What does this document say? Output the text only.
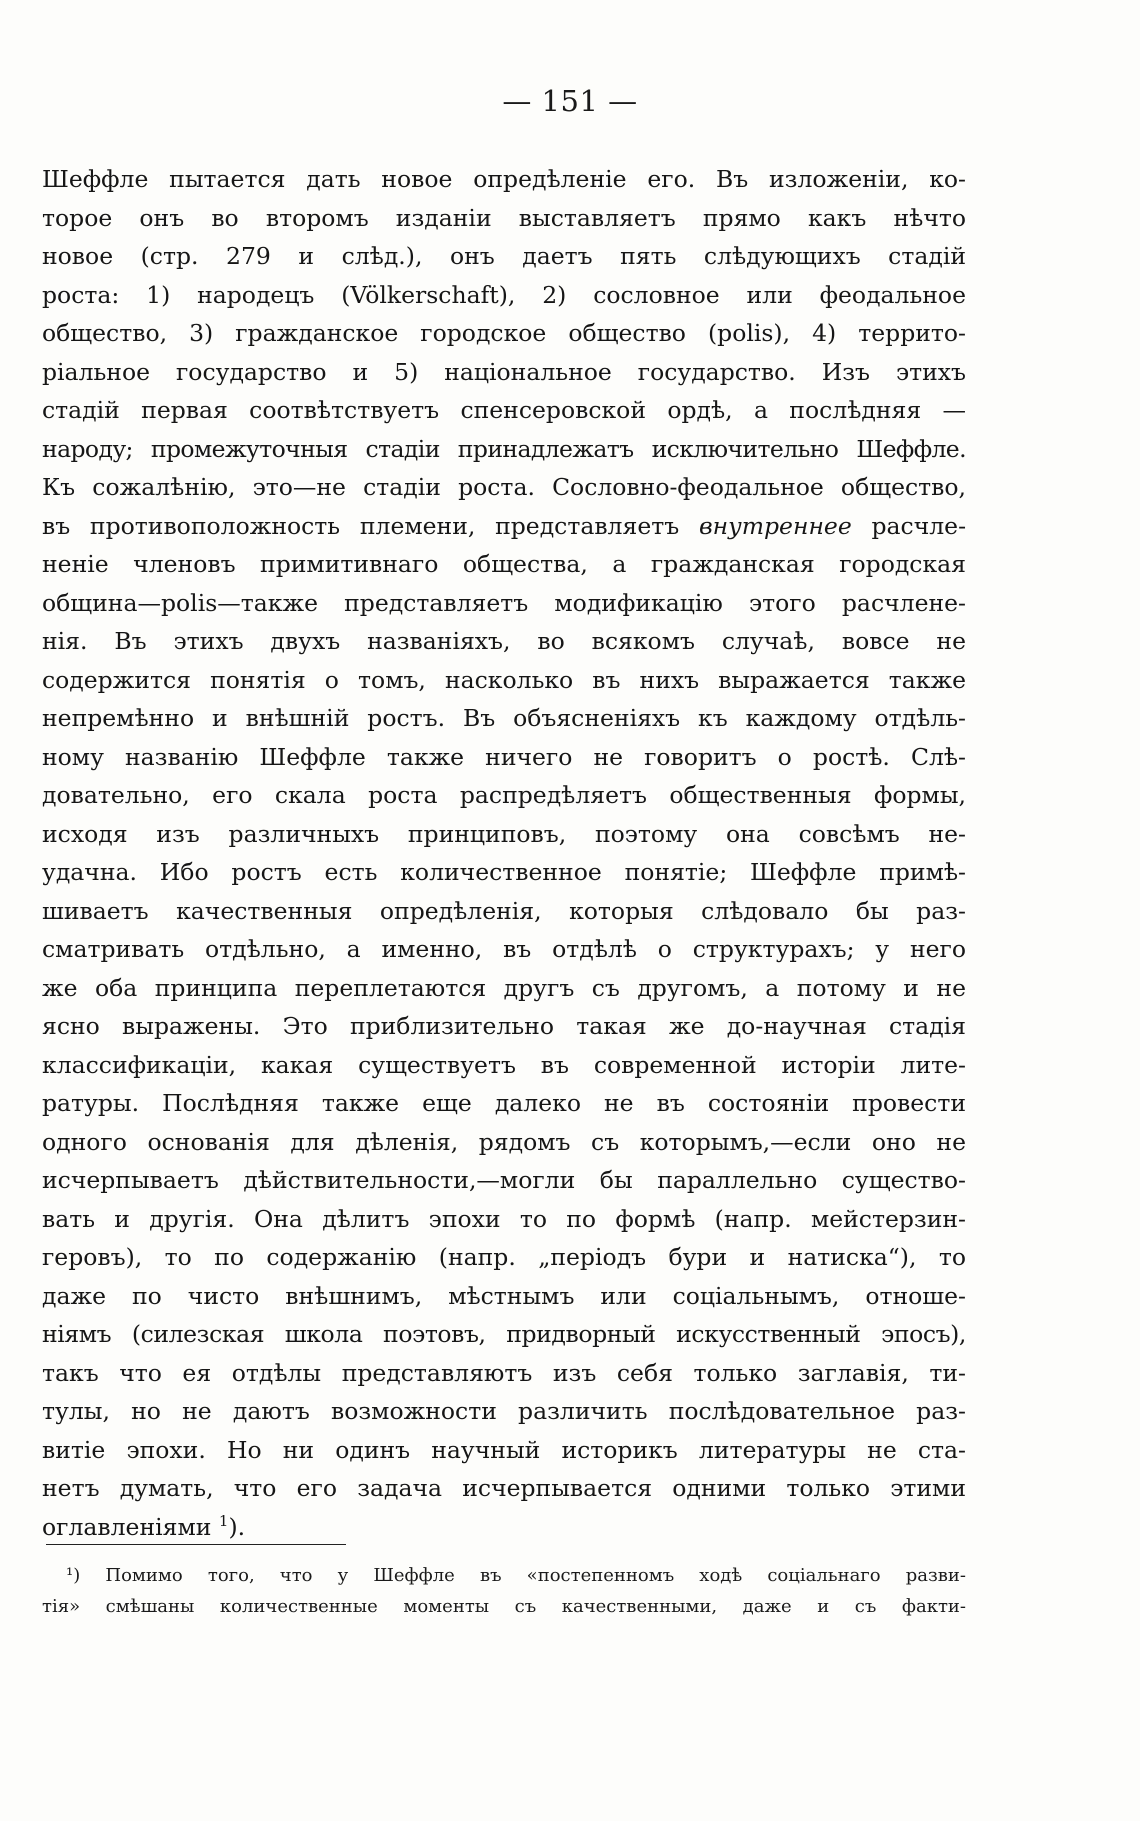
— 151 —
Шеффле пытается дать новое опредѣленіе его. Въ изложеніи, ко-
торое онъ во второмъ изданіи выставляетъ прямо какъ нѣчто
новое (стр. 279 и слѣд.), онъ даетъ пять слѣдующихъ стадій
роста: 1) народецъ (Völkerschaft), 2) сословное или феодальное
общество, 3) гражданское городское общество (polis), 4) террито-
ріальное государство и 5) національное государство. Изъ этихъ
стадій первая соотвѣтствуетъ спенсеровской ордѣ, а послѣдняя —
народу; промежуточныя стадіи принадлежатъ исключительно Шеффле.
Къ сожалѣнію, это—не стадіи роста. Сословно-феодальное общество,
въ противоположность племени, представляетъ внутреннее расчле-
неніе членовъ примитивнаго общества, а гражданская городская
община—polis—также представляетъ модификацію этого расчлене-
нія. Въ этихъ двухъ названіяхъ, во всякомъ случаѣ, вовсе не
содержится понятія о томъ, насколько въ нихъ выражается также
непремѣнно и внѣшній ростъ. Въ объясненіяхъ къ каждому отдѣль-
ному названію Шеффле также ничего не говоритъ о ростѣ. Слѣ-
довательно, его скала роста распредѣляетъ общественныя формы,
исходя изъ различныхъ принциповъ, поэтому она совсѣмъ не-
удачна. Ибо ростъ есть количественное понятіе; Шеффле примѣ-
шиваетъ качественныя опредѣленія, которыя слѣдовало бы раз-
сматривать отдѣльно, а именно, въ отдѣлѣ о структурахъ; у него
же оба принципа переплетаются другъ съ другомъ, а потому и не
ясно выражены. Это приблизительно такая же до-научная стадія
классификаціи, какая существуетъ въ современной исторіи лите-
ратуры. Послѣдняя также еще далеко не въ состояніи провести
одного основанія для дѣленія, рядомъ съ которымъ,—если оно не
исчерпываетъ дѣйствительности,—могли бы параллельно существо-
вать и другія. Она дѣлитъ эпохи то по формѣ (напр. мейстерзин-
геровъ), то по содержанію (напр. „періодъ бури и натиска“), то
даже по чисто внѣшнимъ, мѣстнымъ или соціальнымъ, отноше-
ніямъ (силезская школа поэтовъ, придворный искусственный эпосъ),
такъ что ея отдѣлы представляютъ изъ себя только заглавія, ти-
тулы, но не даютъ возможности различить послѣдовательное раз-
витіе эпохи. Но ни одинъ научный историкъ литературы не ста-
нетъ думать, что его задача исчерпывается одними только этими
оглавленіями $^1$).
¹) Помимо того, что у Шеффле въ «постепенномъ ходѣ соціальнаго разви-
тія» смѣшаны количественные моменты съ качественными, даже и съ факти-
